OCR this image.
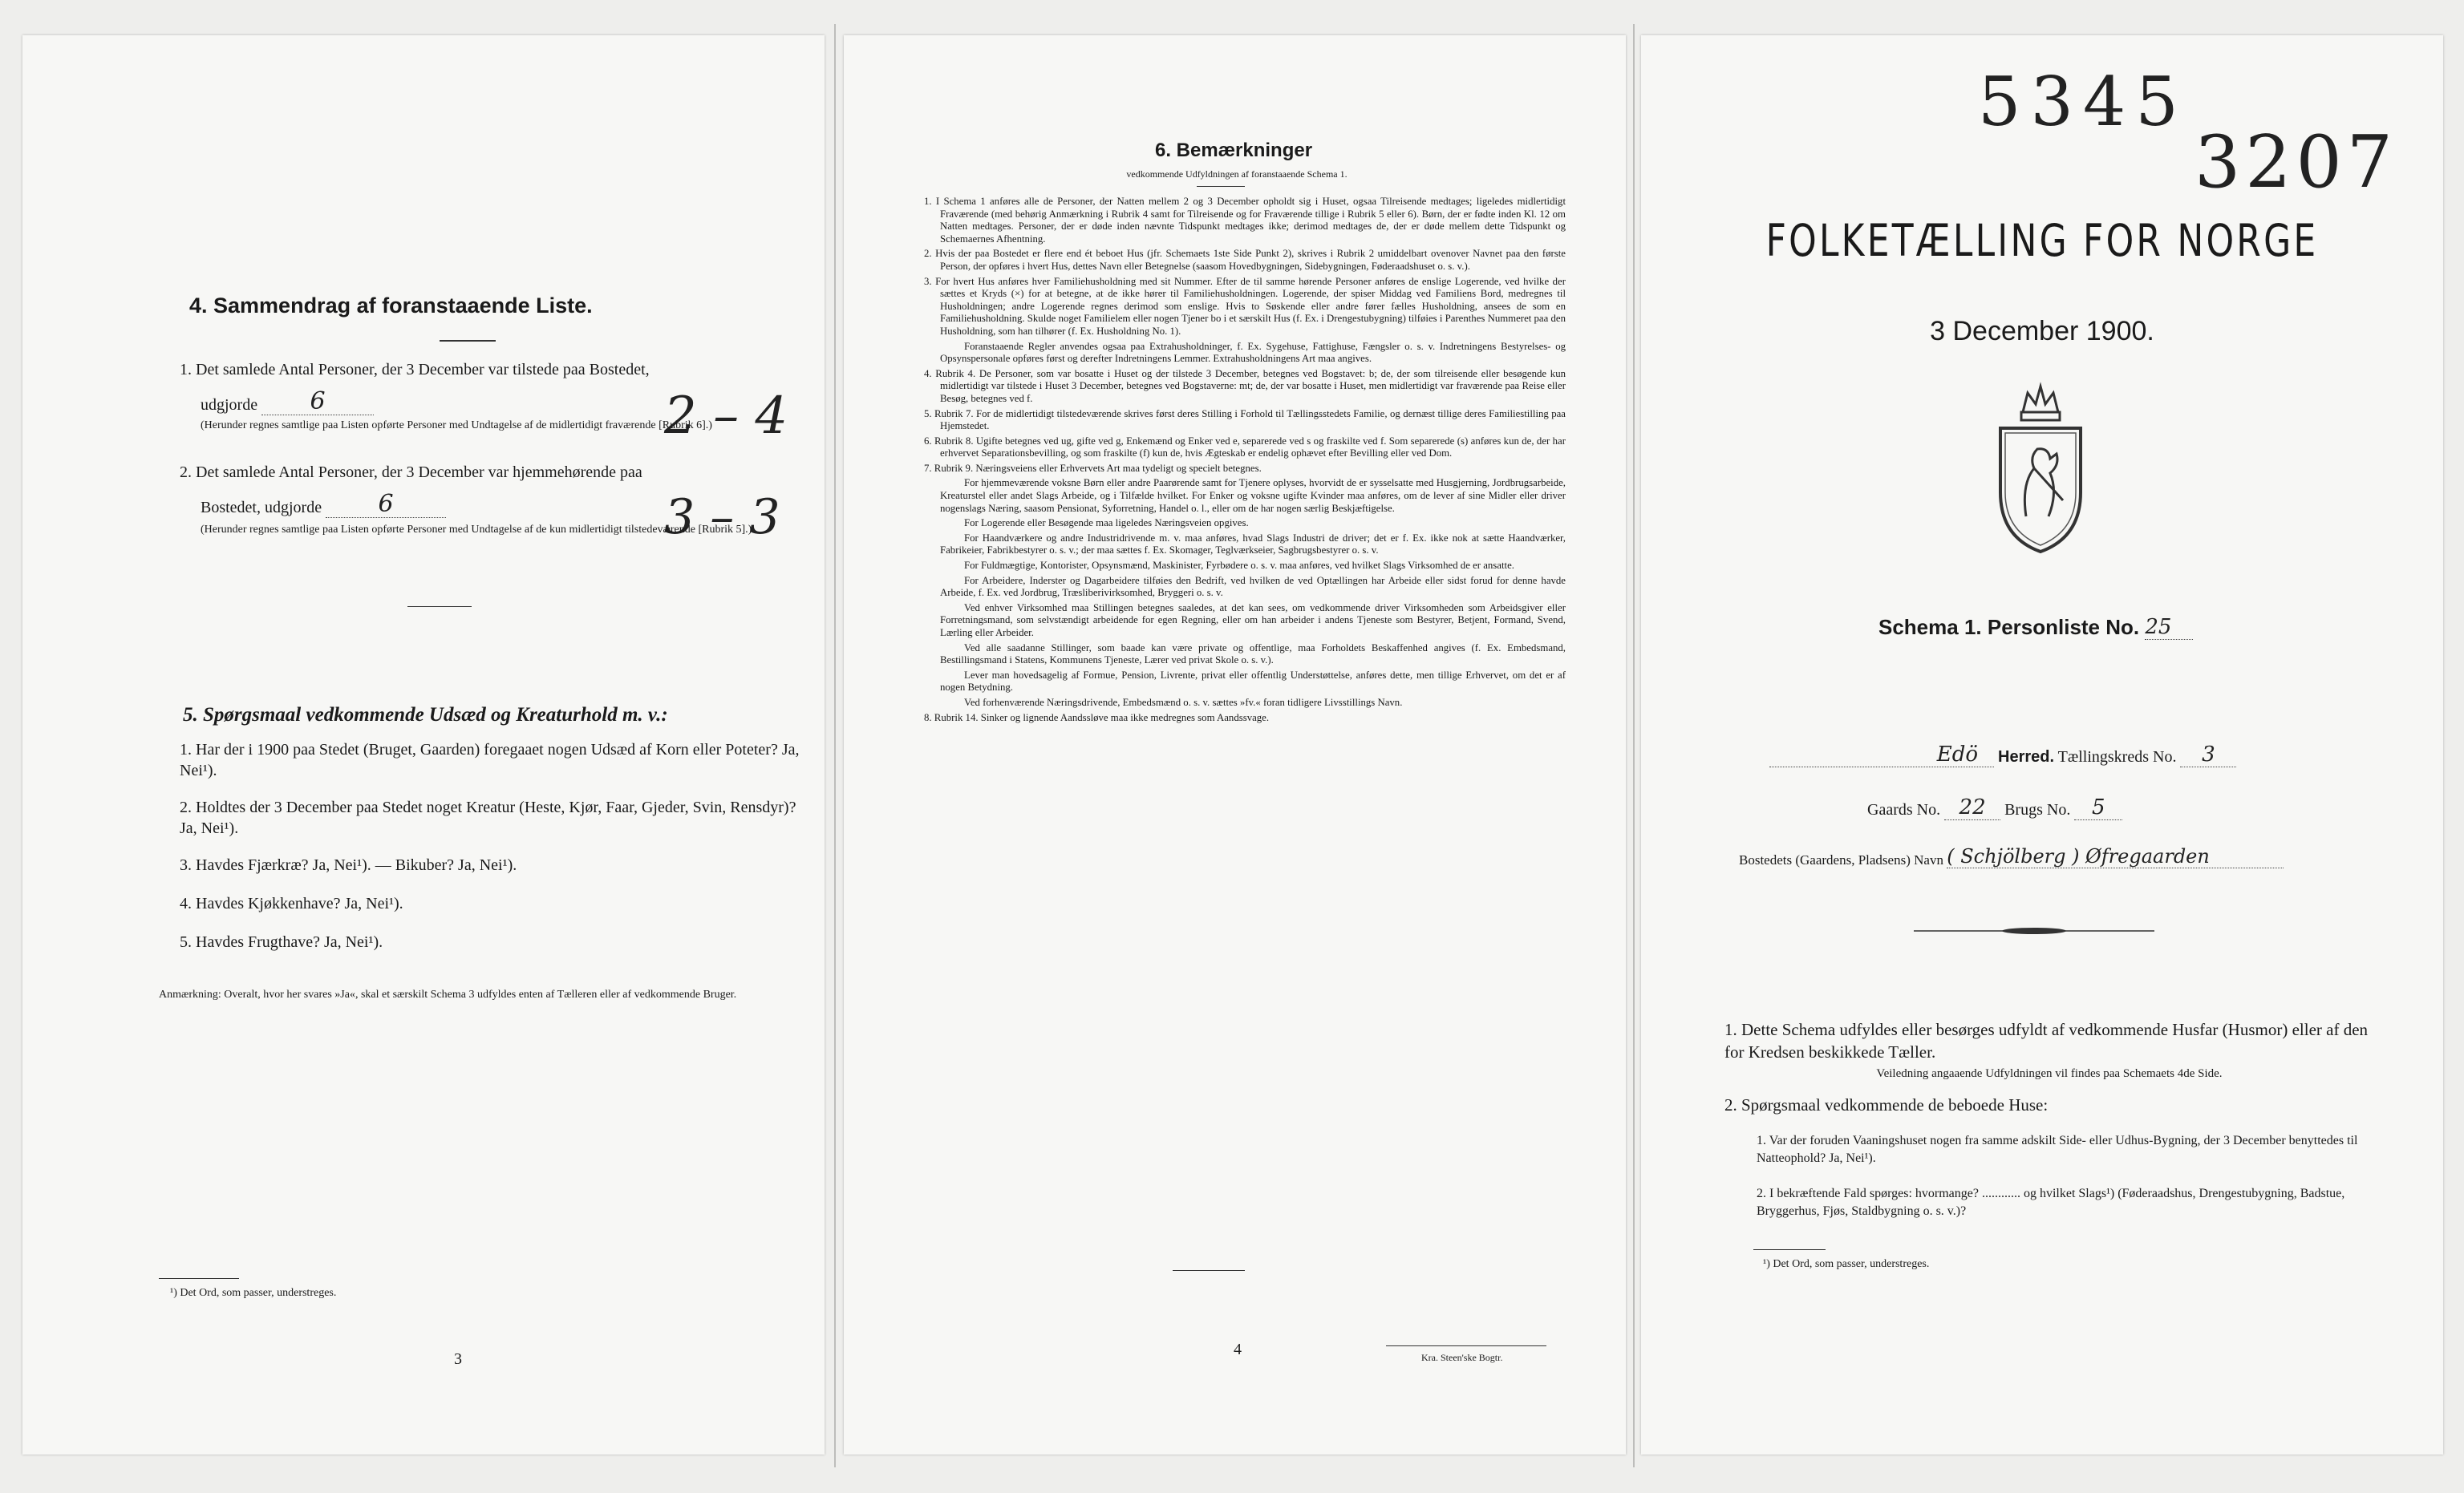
4. Sammendrag af foranstaaende Liste.
1. Det samlede Antal Personer, der 3 December var tilstede paa Bostedet,
udgjorde 6	2 – 4
(Herunder regnes samtlige paa Listen opførte Personer med Undtagelse af de midlertidigt fraværende [Rubrik 6].)
2. Det samlede Antal Personer, der 3 December var hjemmehørende paa
Bostedet, udgjorde 6	3 – 3
(Herunder regnes samtlige paa Listen opførte Personer med Undtagelse af de kun midlertidigt tilstedeværende [Rubrik 5].)
5. Spørgsmaal vedkommende Udsæd og Kreaturhold m. v.:
1. Har der i 1900 paa Stedet (Bruget, Gaarden) foregaaet nogen Udsæd af Korn eller Poteter? Ja, Nei¹).
2. Holdtes der 3 December paa Stedet noget Kreatur (Heste, Kjør, Faar, Gjeder, Svin, Rensdyr)? Ja, Nei¹).
3. Havdes Fjærkræ? Ja, Nei¹). — Bikuber? Ja, Nei¹).
4. Havdes Kjøkkenhave? Ja, Nei¹).
5. Havdes Frugthave? Ja, Nei¹).
Anmærkning: Overalt, hvor her svares »Ja«, skal et særskilt Schema 3 udfyldes enten af Tælleren eller af vedkommende Bruger.
¹) Det Ord, som passer, understreges.
3
6. Bemærkninger
vedkommende Udfyldningen af foranstaaende Schema 1.
1. I Schema 1 anføres alle de Personer, der Natten mellem 2 og 3 December opholdt sig i Huset, ogsaa Tilreisende medtages; ligeledes midlertidigt Fraværende (med behørig Anmærkning i Rubrik 4 samt for Tilreisende og for Fraværende tillige i Rubrik 5 eller 6). Børn, der er fødte inden Kl. 12 om Natten medtages. Personer, der er døde inden nævnte Tidspunkt medtages ikke; derimod medtages de, der er døde mellem dette Tidspunkt og Schemaernes Afhentning.
2. Hvis der paa Bostedet er flere end ét beboet Hus (jfr. Schemaets 1ste Side Punkt 2), skrives i Rubrik 2 umiddelbart ovenover Navnet paa den første Person, der opføres i hvert Hus, dettes Navn eller Betegnelse (saasom Hovedbygningen, Sidebygningen, Føderaadshuset o. s. v.).
3. For hvert Hus anføres hver Familiehusholdning med sit Nummer. Efter de til samme hørende Personer anføres de enslige Logerende, ved hvilke der sættes et Kryds (×) for at betegne, at de ikke hører til Familiehusholdningen. Logerende, der spiser Middag ved Familiens Bord, medregnes til Husholdningen; andre Logerende regnes derimod som enslige. Hvis to Søskende eller andre fører fælles Husholdning, ansees de som en Familiehusholdning. Skulde noget Familielem eller nogen Tjener bo i et særskilt Hus (f. Ex. i Drengestubygning) tilføies i Parenthes Nummeret paa den Husholdning, som han tilhører (f. Ex. Husholdning No. 1).
Foranstaaende Regler anvendes ogsaa paa Extrahusholdninger, f. Ex. Sygehuse, Fattighuse, Fængsler o. s. v. Indretningens Bestyrelses- og Opsynspersonale opføres først og derefter Indretningens Lemmer. Extrahusholdningens Art maa angives.
4. Rubrik 4. De Personer, som var bosatte i Huset og der tilstede 3 December, betegnes ved Bogstavet: b; de, der som tilreisende eller besøgende kun midlertidigt var tilstede i Huset 3 December, betegnes ved Bogstaverne: mt; de, der var bosatte i Huset, men midlertidigt var fraværende paa Reise eller Besøg, betegnes ved f.
5. Rubrik 7. For de midlertidigt tilstedeværende skrives først deres Stilling i Forhold til Tællingsstedets Familie, og dernæst tillige deres Familiestilling paa Hjemstedet.
6. Rubrik 8. Ugifte betegnes ved ug, gifte ved g, Enkemænd og Enker ved e, separerede ved s og fraskilte ved f. Som separerede (s) anføres kun de, der har erhvervet Separationsbevilling, og som fraskilte (f) kun de, hvis Ægteskab er endelig ophævet efter Bevilling eller ved Dom.
7. Rubrik 9. Næringsveiens eller Erhvervets Art maa tydeligt og specielt betegnes.
For hjemmeværende voksne Børn eller andre Paarørende samt for Tjenere oplyses, hvorvidt de er sysselsatte med Husgjerning, Jordbrugsarbeide, Kreaturstel eller andet Slags Arbeide, og i Tilfælde hvilket. For Enker og voksne ugifte Kvinder maa anføres, om de lever af sine Midler eller driver nogenslags Næring, saasom Pensionat, Syforretning, Handel o. l., eller om de har nogen særlig Beskjæftigelse.
For Logerende eller Besøgende maa ligeledes Næringsveien opgives.
For Haandværkere og andre Industridrivende m. v. maa anføres, hvad Slags Industri de driver; det er f. Ex. ikke nok at sætte Haandværker, Fabrikeier, Fabrikbestyrer o. s. v.; der maa sættes f. Ex. Skomager, Teglværkseier, Sagbrugsbestyrer o. s. v.
For Fuldmægtige, Kontorister, Opsynsmænd, Maskinister, Fyrbødere o. s. v. maa anføres, ved hvilket Slags Virksomhed de er ansatte.
For Arbeidere, Inderster og Dagarbeidere tilføies den Bedrift, ved hvilken de ved Optællingen har Arbeide eller sidst forud for denne havde Arbeide, f. Ex. ved Jordbrug, Træsliberivirksomhed, Bryggeri o. s. v.
Ved enhver Virksomhed maa Stillingen betegnes saaledes, at det kan sees, om vedkommende driver Virksomheden som Arbeidsgiver eller Forretningsmand, som selvstændigt arbeidende for egen Regning, eller om han arbeider i andens Tjeneste som Bestyrer, Betjent, Formand, Svend, Lærling eller Arbeider.
Ved alle saadanne Stillinger, som baade kan være private og offentlige, maa Forholdets Beskaffenhed angives (f. Ex. Embedsmand, Bestillingsmand i Statens, Kommunens Tjeneste, Lærer ved privat Skole o. s. v.).
Lever man hovedsagelig af Formue, Pension, Livrente, privat eller offentlig Understøttelse, anføres dette, men tillige Erhvervet, om det er af nogen Betydning.
Ved forhenværende Næringsdrivende, Embedsmænd o. s. v. sættes »fv.« foran tidligere Livsstillings Navn.
8. Rubrik 14. Sinker og lignende Aandssløve maa ikke medregnes som Aandssvage.
4	Kra. Steen'ske Bogtr.
5345
3207
FOLKETÆLLING FOR NORGE
3 December 1900.
Schema 1. Personliste No. 25
Edö Herred. Tællingskreds No. 3
Gaards No. 22 Brugs No. 5
Bostedets (Gaardens, Pladsens) Navn ( Schjölberg ) Øfregaarden
1. Dette Schema udfyldes eller besørges udfyldt af vedkommende Husfar (Husmor) eller af den for Kredsen beskikkede Tæller.
Veiledning angaaende Udfyldningen vil findes paa Schemaets 4de Side.
2. Spørgsmaal vedkommende de beboede Huse:
1. Var der foruden Vaaningshuset nogen fra samme adskilt Side- eller Udhus-Bygning, der 3 December benyttedes til Natteophold? Ja, Nei¹).
2. I bekræftende Fald spørges: hvormange? ............ og hvilket Slags¹) (Føderaadshus, Drengestubygning, Badstue, Bryggerhus, Fjøs, Staldbygning o. s. v.)?
¹) Det Ord, som passer, understreges.
